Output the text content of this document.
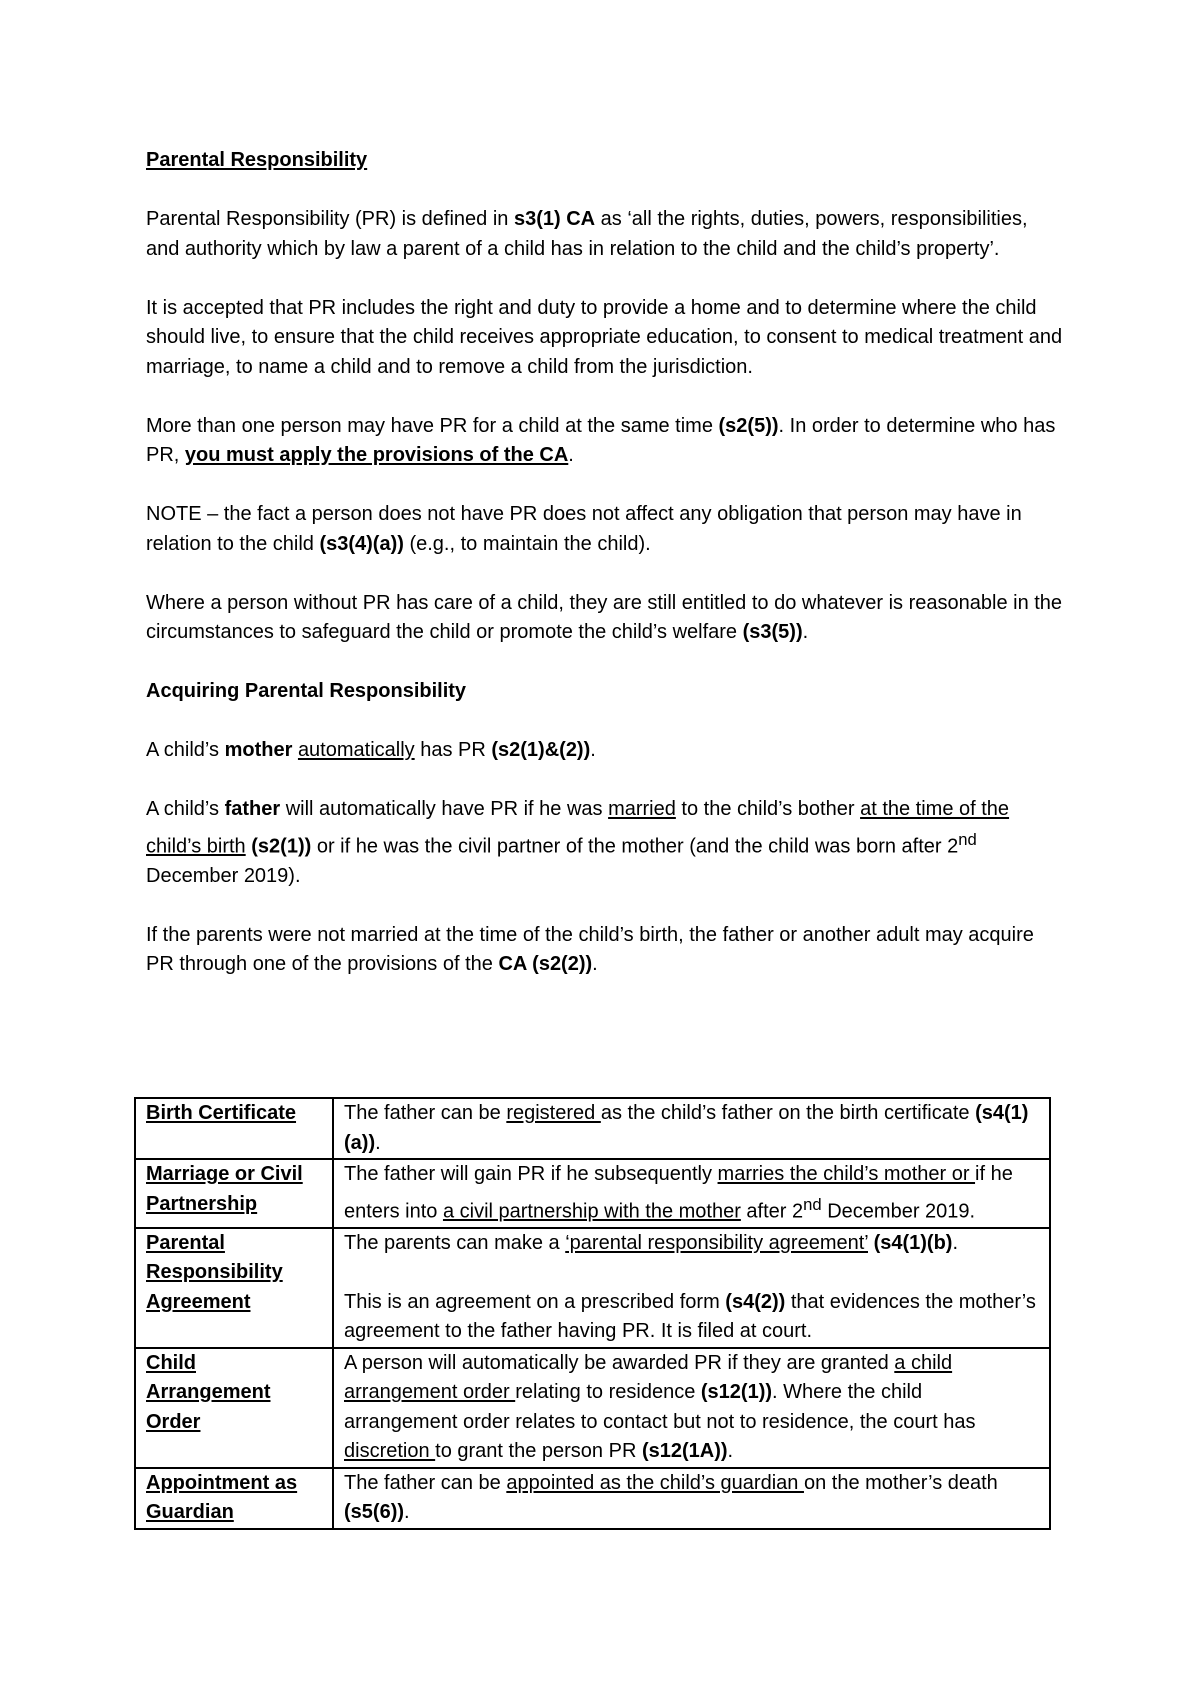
Parental Responsibility

Parental Responsibility (PR) is defined in s3(1) CA as ‘all the rights, duties, powers, responsibilities, and authority which by law a parent of a child has in relation to the child and the child’s property’.

It is accepted that PR includes the right and duty to provide a home and to determine where the child should live, to ensure that the child receives appropriate education, to consent to medical treatment and marriage, to name a child and to remove a child from the jurisdiction.

More than one person may have PR for a child at the same time (s2(5)). In order to determine who has PR, you must apply the provisions of the CA.

NOTE – the fact a person does not have PR does not affect any obligation that person may have in relation to the child (s3(4)(a)) (e.g., to maintain the child).

Where a person without PR has care of a child, they are still entitled to do whatever is reasonable in the circumstances to safeguard the child or promote the child’s welfare (s3(5)).

Acquiring Parental Responsibility

A child’s mother automatically has PR (s2(1)&(2)).

A child’s father will automatically have PR if he was married to the child’s bother at the time of the child’s birth (s2(1)) or if he was the civil partner of the mother (and the child was born after 2nd December 2019).

If the parents were not married at the time of the child’s birth, the father or another adult may acquire PR through one of the provisions of the CA (s2(2)).

Birth Certificate	The father can be registered as the child’s father on the birth certificate (s4(1)(a)).
Marriage or Civil Partnership	The father will gain PR if he subsequently marries the child’s mother or if he enters into a civil partnership with the mother after 2nd December 2019.
Parental Responsibility Agreement	The parents can make a ‘parental responsibility agreement’ (s4(1)(b).
This is an agreement on a prescribed form (s4(2)) that evidences the mother’s agreement to the father having PR. It is filed at court.
Child Arrangement Order	A person will automatically be awarded PR if they are granted a child arrangement order relating to residence (s12(1)). Where the child arrangement order relates to contact but not to residence, the court has discretion to grant the person PR (s12(1A)).
Appointment as Guardian	The father can be appointed as the child’s guardian on the mother’s death (s5(6)).
